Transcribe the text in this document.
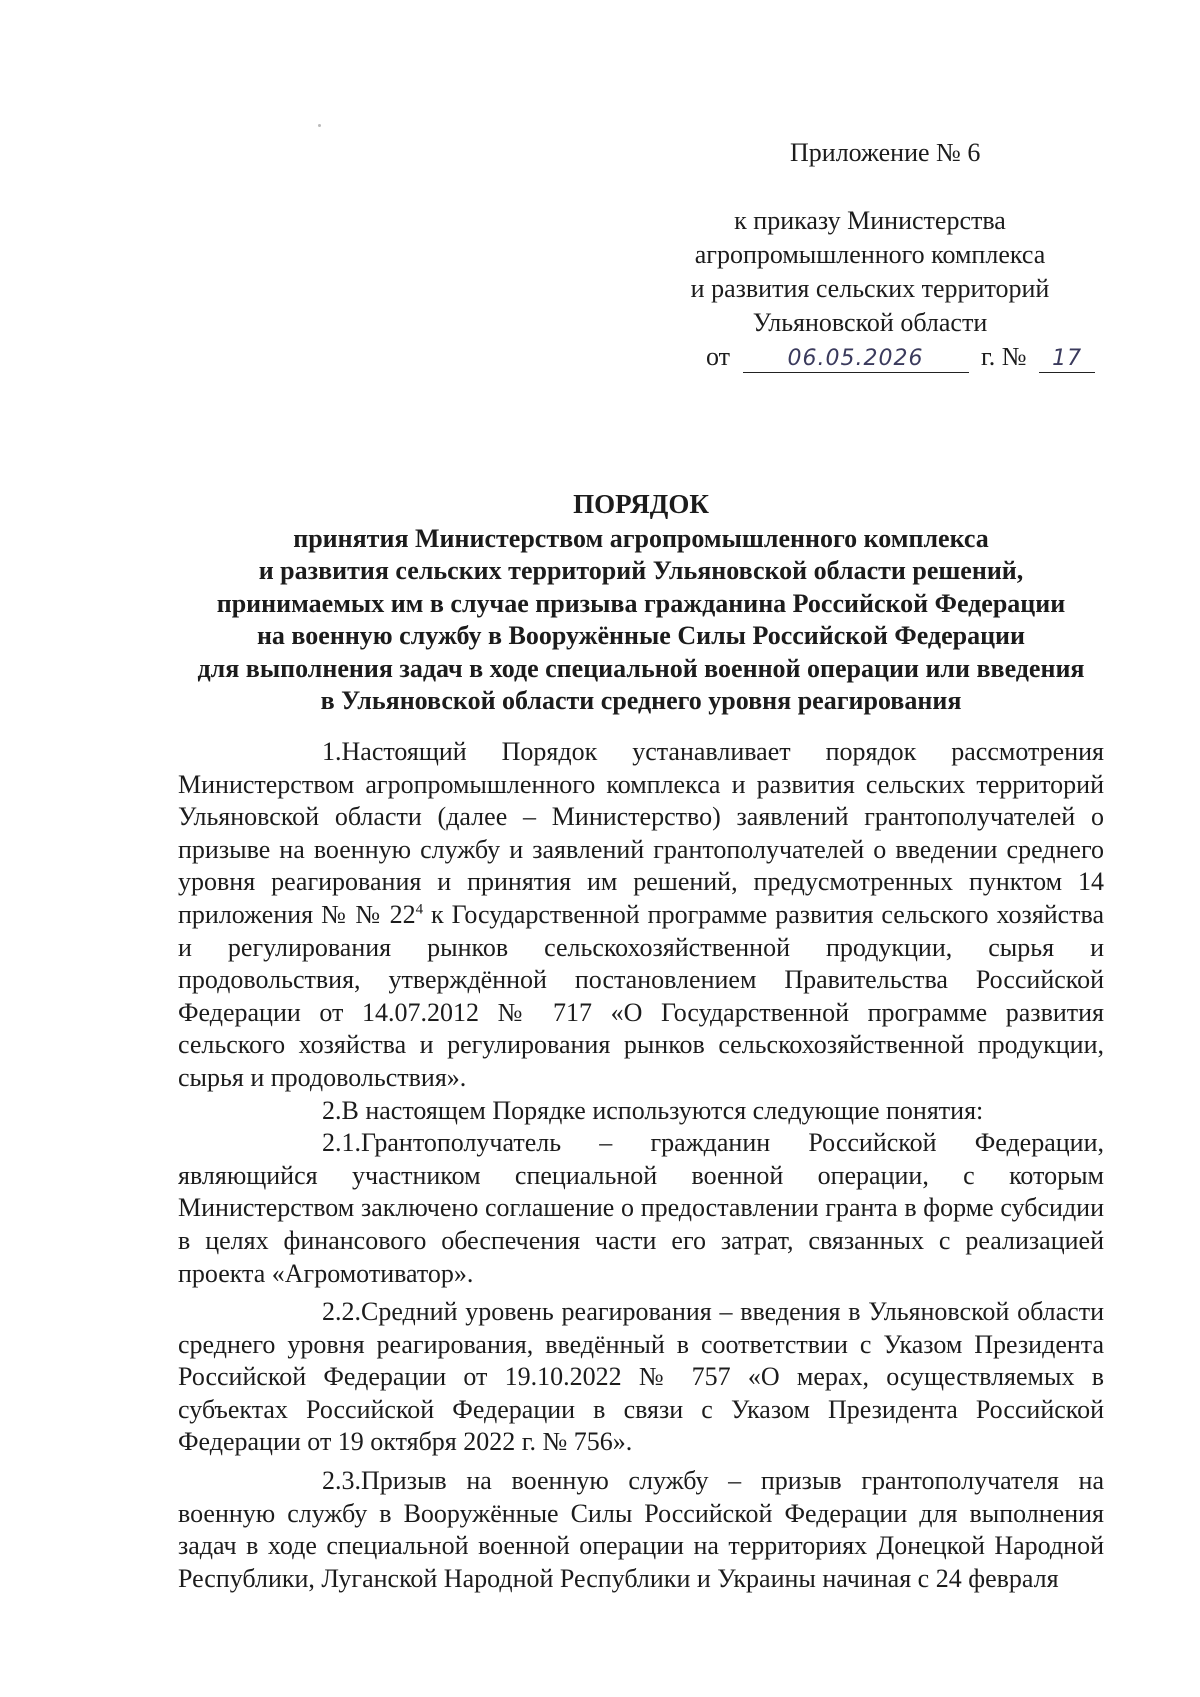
Приложение № 6
к приказу Министерства
агропромышленного комплекса
и развития сельских территорий
Ульяновской области
от	06.05.2026 г. № 17
ПОРЯДОК
принятия Министерством агропромышленного комплекса
и развития сельских территорий Ульяновской области решений,
принимаемых им в случае призыва гражданина Российской Федерации
на военную службу в Вооружённые Силы Российской Федерации
для выполнения задач в ходе специальной военной операции или введения
в Ульяновской области среднего уровня реагирования

1.Настоящий Порядок устанавливает порядок рассмотрения Министерством агропромышленного комплекса и развития сельских территорий Ульяновской области (далее – Министерство) заявлений грантополучателей о призыве на военную службу и заявлений грантополучателей о введении среднего уровня реагирования и принятия им решений, предусмотренных пунктом 14 приложения № № $22^4$ к Государственной программе развития сельского хозяйства и регулирования рынков сельскохозяйственной продукции, сырья и продовольствия, утверждённой постановлением Правительства Российской Федерации от 14.07.2012 № 717 «О Государственной программе развития сельского хозяйства и регулирования рынков сельскохозяйственной продукции, сырья и продовольствия».

2.В настоящем Порядке используются следующие понятия:

2.1.Грантополучатель – гражданин Российской Федерации, являющийся участником специальной военной операции, с которым Министерством заключено соглашение о предоставлении гранта в форме субсидии в целях финансового обеспечения части его затрат, связанных с реализацией проекта «Агромотиватор».

2.2.Средний уровень реагирования – введения в Ульяновской области среднего уровня реагирования, введённый в соответствии с Указом Президента Российской Федерации от 19.10.2022 № 757 «О мерах, осуществляемых в субъектах Российской Федерации в связи с Указом Президента Российской Федерации от 19 октября 2022 г. № 756».

2.3.Призыв на военную службу – призыв грантополучателя на военную службу в Вооружённые Силы Российской Федерации для выполнения задач в ходе специальной военной операции на территориях Донецкой Народной Республики, Луганской Народной Республики и Украины начиная с 24 февраля
